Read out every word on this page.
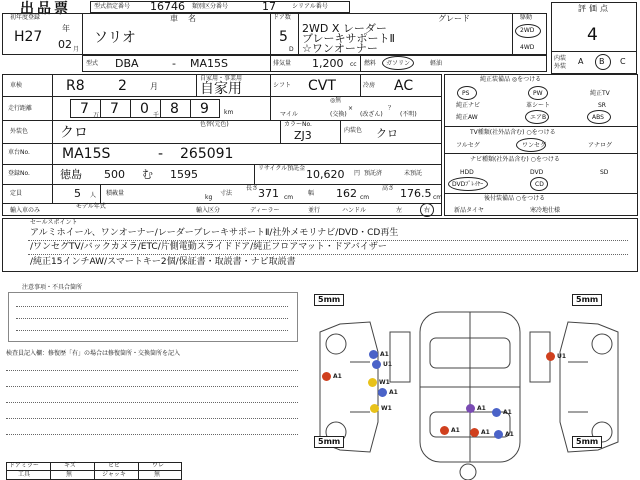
出品票	型式指定番号 16746 類別区分番号	17	シリアル番号
初年度登録
H27
年
02 月
車名
ソリオ
ドア数
5
D
グレード
2WD X レーダー
ブレーキサポートⅡ
☆ワンオーナー
駆動
2WD
4WD
評価点
4
内装
外装
A B C
型式 DBA	- MA15S	排気量 1,200 cc 燃料 ガソリン	軽油
車検	R8 2	月
自家用・事業用
自家用	シフト CVT	冷房 AC
走行距離	7 7 0 8 9
万	千	km
◎無
×	？
マイル	(交換) (改ざん)	(不明)
外装色 クロ
色替(元色)	カラーNo.
ZJ3	内装色 クロ
車台No. MA15S	- 265091
登録No.	徳島 500 む 1595	リサイクル預託金 10,620 円 預託済	未預託
定員	5 人 積載量
kg
寸法
長さ 371 cm
幅 162 cm
高さ 176.5 cm
輸入車のみ
モデル年式
輸入区分	ディーラー	並行	ハンドル	左	右
純正装備品 ◎をつける
PS	PW	純正TV
純正ナビ	革シート	SR
純正AW	エアB	ABS
TV種類(社外品含む) ○をつける
フルセグ	ワンセグ	アナログ
ナビ種類(社外品含む) ○をつける
HDD	DVD	SD
DVDﾌﾟﾚｲﾔｰ	CD
後付装備品 ○をつける
新品タイヤ	寒冷地仕様
セールスポイント
アルミホイール、ワンオーナー/レーダーブレーキサポートⅡ/社外メモリナビ/DVD・CD再生
/ワンセグTV/バックカメラ/ETC/片側電動スライドドア/純正フロアマット・ドアバイザー
/純正15インチAW/スマートキー2個/保証書・取説書・ナビ取説書
注意事項・不具合箇所
検査員記入欄：修復歴「有」の場合は修復箇所・交換箇所を記入
ドアミラー	キズ	ヒビ	ワレ
工具	無	ジャッキ	無
5mm	5mm
5mm	5mm
A1
U1
A1
U1
W1
A1
W1	A1
A1
A1	A1	A1
